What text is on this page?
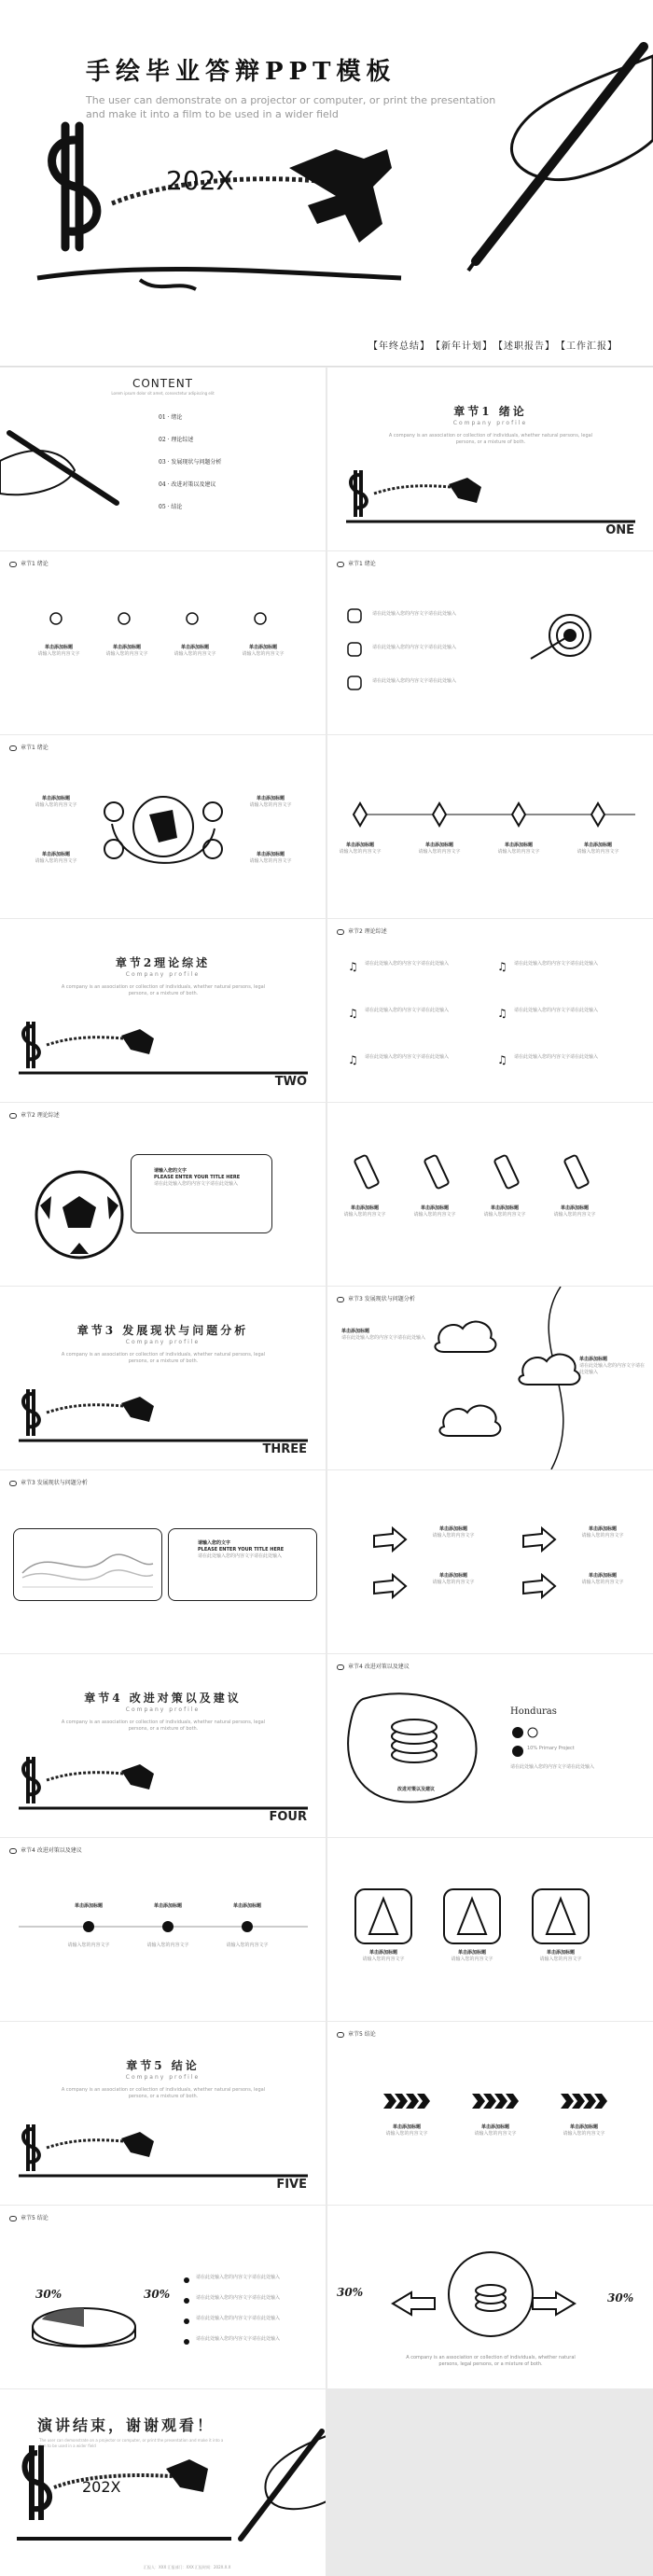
手绘毕业答辩PPT模板
The user can demonstrate on a projector or computer, or print the presentation and make it into a film to be used in a wider field
202X
【年终总结】 【新年计划】 【述职报告】 【工作汇报】
CONTENT
Lorem ipsum dolor sit amet, consectetur adipiscing elit
01 · 绪论
02 · 理论综述
03 · 发展现状与问题分析
04 · 改进对策以及建议
05 · 结论
章节1 绪论
Company profile
A company is an association or collection of individuals, whether natural persons, legal persons, or a mixture of both.
ONE
章节1 绪论
单击添加标题
请输入您的内容文字
单击添加标题
请输入您的内容文字
单击添加标题
请输入您的内容文字
单击添加标题
请输入您的内容文字
章节1 绪论
请在此处输入您的内容文字请在此处输入
请在此处输入您的内容文字请在此处输入
请在此处输入您的内容文字请在此处输入
章节1 绪论
单击添加标题
请输入您的内容文字
单击添加标题
请输入您的内容文字
单击添加标题
请输入您的内容文字
单击添加标题
请输入您的内容文字
单击添加标题
请输入您的内容文字
单击添加标题
请输入您的内容文字
单击添加标题
请输入您的内容文字
单击添加标题
请输入您的内容文字
章节2理论综述
Company profile
A company is an association or collection of individuals, whether natural persons, legal persons, or a mixture of both.
TWO
章节2 理论综述
♫	♫
♫	♫
♫	♫
请在此处输入您的内容文字请在此处输入	请在此处输入您的内容文字请在此处输入
请在此处输入您的内容文字请在此处输入	请在此处输入您的内容文字请在此处输入
请在此处输入您的内容文字请在此处输入	请在此处输入您的内容文字请在此处输入
章节2 理论综述
请输入您的文字
PLEASE ENTER YOUR TITLE HERE
请在此处输入您的内容文字请在此处输入
单击添加标题
请输入您的内容文字
单击添加标题
请输入您的内容文字
单击添加标题
请输入您的内容文字
单击添加标题
请输入您的内容文字
章节3 发展现状与问题分析
Company profile
A company is an association or collection of individuals, whether natural persons, legal persons, or a mixture of both.
THREE
章节3 发展现状与问题分析
单击添加标题
请在此处输入您的内容文字请在此处输入
单击添加标题
请在此处输入您的内容文字请在此处输入
章节3 发展现状与问题分析
请输入您的文字
PLEASE ENTER YOUR TITLE HERE
请在此处输入您的内容文字请在此处输入
单击添加标题
请输入您的内容文字
单击添加标题
请输入您的内容文字
单击添加标题
请输入您的内容文字
单击添加标题
请输入您的内容文字
章节4 改进对策以及建议
Company profile
A company is an association or collection of individuals, whether natural persons, legal persons, or a mixture of both.
FOUR
章节4 改进对策以及建议
改进对策以及建议
Honduras
10% Primary Project
请在此处输入您的内容文字请在此处输入
章节4 改进对策以及建议
单击添加标题	单击添加标题	单击添加标题
请输入您的内容文字	请输入您的内容文字	请输入您的内容文字
单击添加标题
请输入您的内容文字
单击添加标题
请输入您的内容文字
单击添加标题
请输入您的内容文字
章节5 结论
Company profile
A company is an association or collection of individuals, whether natural persons, legal persons, or a mixture of both.
FIVE
章节5 结论
单击添加标题
请输入您的内容文字
单击添加标题
请输入您的内容文字
单击添加标题
请输入您的内容文字
章节5 结论
30%	30%
请在此处输入您的内容文字请在此处输入
请在此处输入您的内容文字请在此处输入
请在此处输入您的内容文字请在此处输入
请在此处输入您的内容文字请在此处输入
30%	30%
A company is an association or collection of individuals, whether natural persons, legal persons, or a mixture of both.
演讲结束，谢谢观看！
The user can demonstrate on a projector or computer, or print the presentation and make it into a film to be used in a wider field
202X
汇报人：XXX 汇报部门：XXX 汇报时间：202X.X.X
